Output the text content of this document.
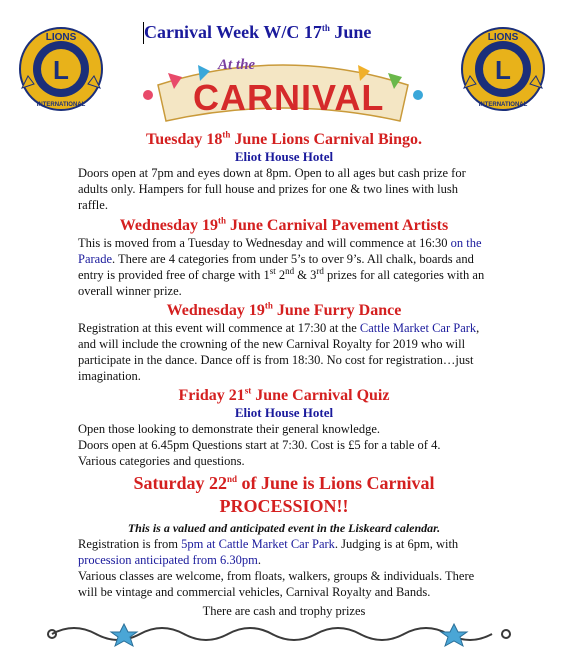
Carnival Week W/C 17th June
L
LIONS
INTERNATIONAL
L
LIONS
INTERNATIONAL
At the
CARNIVAL
Tuesday 18th June Lions Carnival Bingo.
Eliot House Hotel
Doors open at 7pm and eyes down at 8pm. Open to all ages but cash prize for adults only. Hampers for full house and prizes for one & two lines with lush raffle.
Wednesday 19th June Carnival Pavement Artists
This is moved from a Tuesday to Wednesday and will commence at 16:30 on the Parade. There are 4 categories from under 5’s to over 9’s. All chalk, boards and entry is provided free of charge with 1st 2nd & 3rd prizes for all categories with an overall winner prize.
Wednesday 19th June Furry Dance
Registration at this event will commence at 17:30 at the Cattle Market Car Park, and will include the crowning of the new Carnival Royalty for 2019 who will participate in the dance. Dance off is from 18:30. No cost for registration…just imagination.
Friday 21st June Carnival Quiz
Eliot House Hotel
Open those looking to demonstrate their general knowledge.
Doors open at 6.45pm Questions start at 7:30. Cost is £5 for a table of 4.
Various categories and questions.
Saturday 22nd of June is Lions Carnival
PROCESSION!!
This is a valued and anticipated event in the Liskeard calendar.
Registration is from 5pm at Cattle Market Car Park. Judging is at 6pm, with procession anticipated from 6.30pm.
Various classes are welcome, from floats, walkers, groups & individuals. There will be vintage and commercial vehicles, Carnival Royalty and Bands.
There are cash and trophy prizes
